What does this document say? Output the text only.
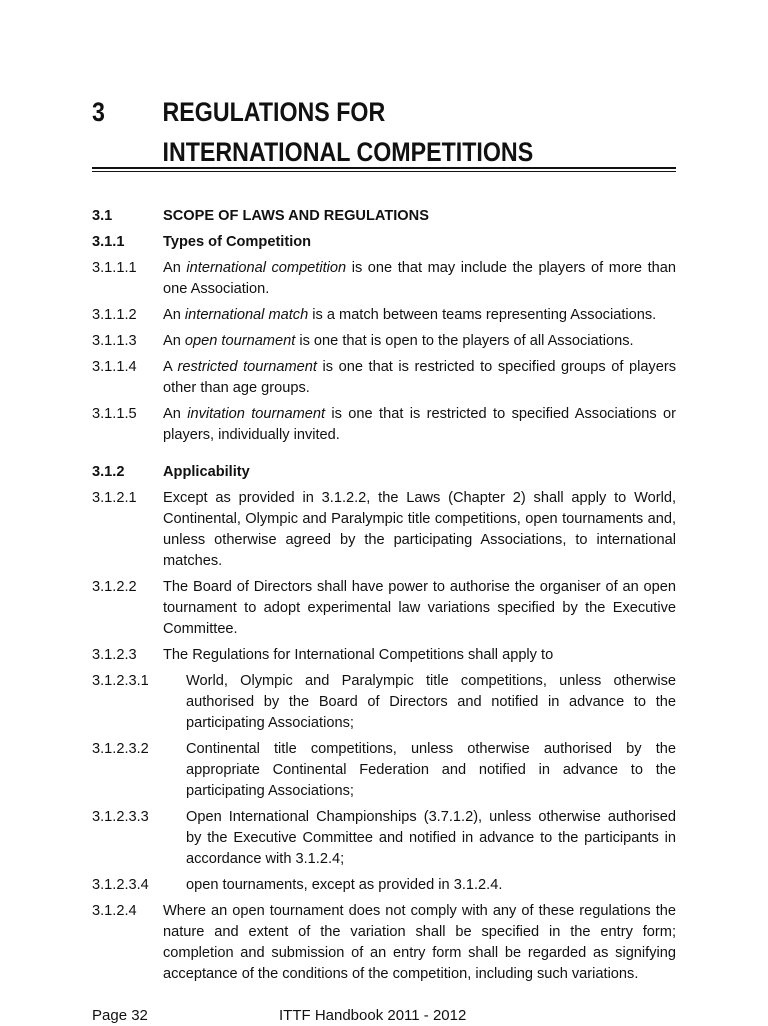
3 REGULATIONS FOR
INTERNATIONAL COMPETITIONS
3.1	SCOPE OF LAWS AND REGULATIONS
3.1.1	Types of Competition
3.1.1.1	An international competition is one that may include the players of more than one Association.
3.1.1.2	An international match is a match between teams representing Associations.
3.1.1.3	An open tournament is one that is open to the players of all Associations.
3.1.1.4	A restricted tournament is one that is restricted to specified groups of players other than age groups.
3.1.1.5	An invitation tournament is one that is restricted to specified Associations or players, individually invited.
3.1.2	Applicability
3.1.2.1	Except as provided in 3.1.2.2, the Laws (Chapter 2) shall apply to World, Continental, Olympic and Paralympic title competitions, open tournaments and, unless otherwise agreed by the participating Associations, to international matches.
3.1.2.2	The Board of Directors shall have power to authorise the organiser of an open tournament to adopt experimental law variations specified by the Executive Committee.
3.1.2.3	The Regulations for International Competitions shall apply to
3.1.2.3.1	World, Olympic and Paralympic title competitions, unless otherwise authorised by the Board of Directors and notified in advance to the participating Associations;
3.1.2.3.2	Continental title competitions, unless otherwise authorised by the appropriate Continental Federation and notified in advance to the participating Associations;
3.1.2.3.3	Open International Championships (3.7.1.2), unless otherwise authorised by the Executive Committee and notified in advance to the participants in accordance with 3.1.2.4;
3.1.2.3.4	open tournaments, except as provided in 3.1.2.4.
3.1.2.4	Where an open tournament does not comply with any of these regulations the nature and extent of the variation shall be specified in the entry form; completion and submission of an entry form shall be regarded as signifying acceptance of the conditions of the competition, including such variations.
Page 32	ITTF Handbook 2011 - 2012
